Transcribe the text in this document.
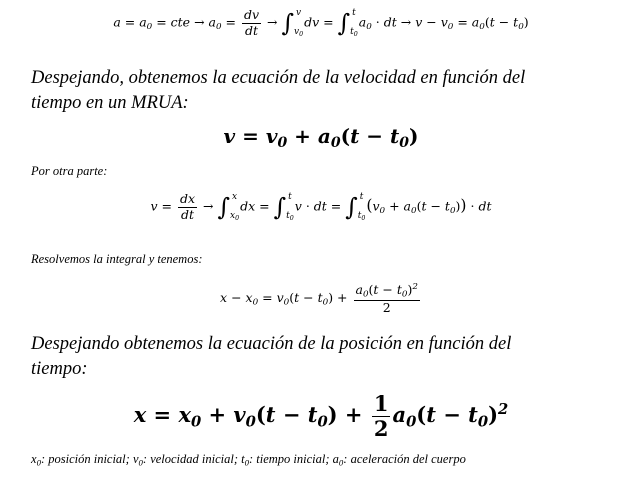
$a = a_0$ = cte → $a_0 = \frac{dv}{dt}$ → ∫ v
$v_0$
dv = ∫ t
$t_0$
$a_0$ · dt → $v - v_0 = a_0(t - t_0)$
Despejando, obtenemos la ecuación de la velocidad en función del
tiempo en un MRUA:
$v = v_0 + a_0(t - t_0)$
Por otra parte:
$v = \frac{dx}{dt}$ → ∫ x
$x_0$
dx = ∫ t
$t_0$
v · dt = ∫ t
$t_0$
$(v_0 + a_0(t - t_0))$ · dt
Resolvemos la integral y tenemos:
$x - x_0 = v_0(t - t_0) + \frac{a_0(t - t_0)^2}{2}$
Despejando obtenemos la ecuación de la posición en función del
tiempo:
$x = x_0 + v_0(t - t_0) + \frac{1}{2} a_0(t - t_0)^2$
$x_0$: posición inicial; $v_0$: velocidad inicial; $t_0$: tiempo inicial; $a_0$: aceleración del cuerpo
